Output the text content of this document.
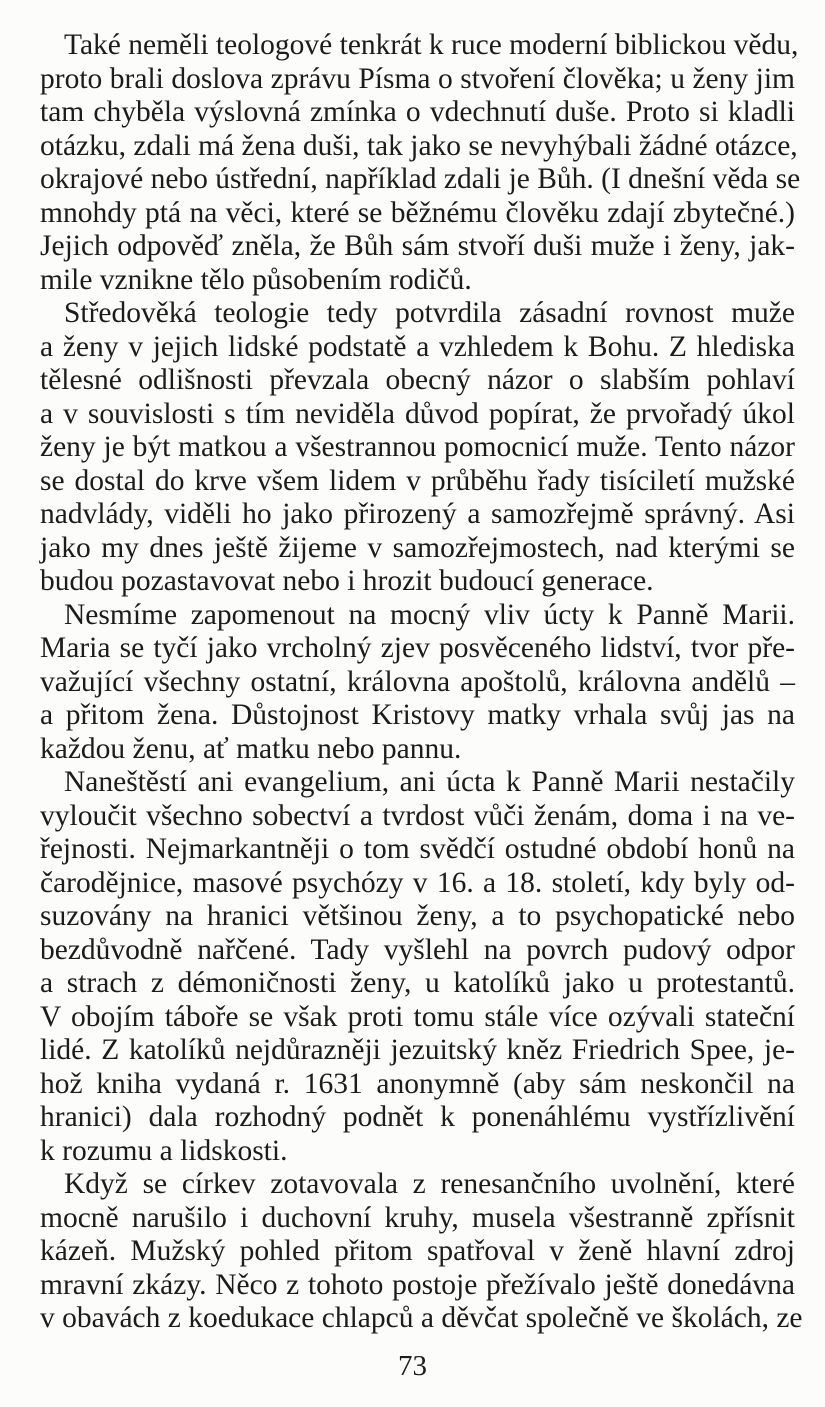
Také neměli teologové tenkrát k ruce moderní biblickou vědu,
proto brali doslova zprávu Písma o stvoření člověka; u ženy jim
tam chyběla výslovná zmínka o vdechnutí duše. Proto si kladli
otázku, zdali má žena duši, tak jako se nevyhýbali žádné otázce,
okrajové nebo ústřední, například zdali je Bůh. (I dnešní věda se
mnohdy ptá na věci, které se běžnému člověku zdají zbytečné.)
Jejich odpověď zněla, že Bůh sám stvoří duši muže i ženy, jak-
mile vznikne tělo působením rodičů.
Středověká teologie tedy potvrdila zásadní rovnost muže
a ženy v jejich lidské podstatě a vzhledem k Bohu. Z hlediska
tělesné odlišnosti převzala obecný názor o slabším pohlaví
a v souvislosti s tím neviděla důvod popírat, že prvořadý úkol
ženy je být matkou a všestrannou pomocnicí muže. Tento názor
se dostal do krve všem lidem v průběhu řady tisíciletí mužské
nadvlády, viděli ho jako přirozený a samozřejmě správný. Asi
jako my dnes ještě žijeme v samozřejmostech, nad kterými se
budou pozastavovat nebo i hrozit budoucí generace.
Nesmíme zapomenout na mocný vliv úcty k Panně Marii.
Maria se tyčí jako vrcholný zjev posvěceného lidství, tvor pře-
važující všechny ostatní, královna apoštolů, královna andělů –
a přitom žena. Důstojnost Kristovy matky vrhala svůj jas na
každou ženu, ať matku nebo pannu.
Naneštěstí ani evangelium, ani úcta k Panně Marii nestačily
vyloučit všechno sobectví a tvrdost vůči ženám, doma i na ve-
řejnosti. Nejmarkantněji o tom svědčí ostudné období honů na
čarodějnice, masové psychózy v 16. a 18. století, kdy byly od-
suzovány na hranici většinou ženy, a to psychopatické nebo
bezdůvodně nařčené. Tady vyšlehl na povrch pudový odpor
a strach z démoničnosti ženy, u katolíků jako u protestantů.
V obojím táboře se však proti tomu stále více ozývali stateční
lidé. Z katolíků nejdůrazněji jezuitský kněz Friedrich Spee, je-
hož kniha vydaná r. 1631 anonymně (aby sám neskončil na
hranici) dala rozhodný podnět k ponenáhlému vystřízlivění
k rozumu a lidskosti.
Když se církev zotavovala z renesančního uvolnění, které
mocně narušilo i duchovní kruhy, musela všestranně zpřísnit
kázeň. Mužský pohled přitom spatřoval v ženě hlavní zdroj
mravní zkázy. Něco z tohoto postoje přežívalo ještě donedávna
v obavách z koedukace chlapců a děvčat společně ve školách, ze
73
